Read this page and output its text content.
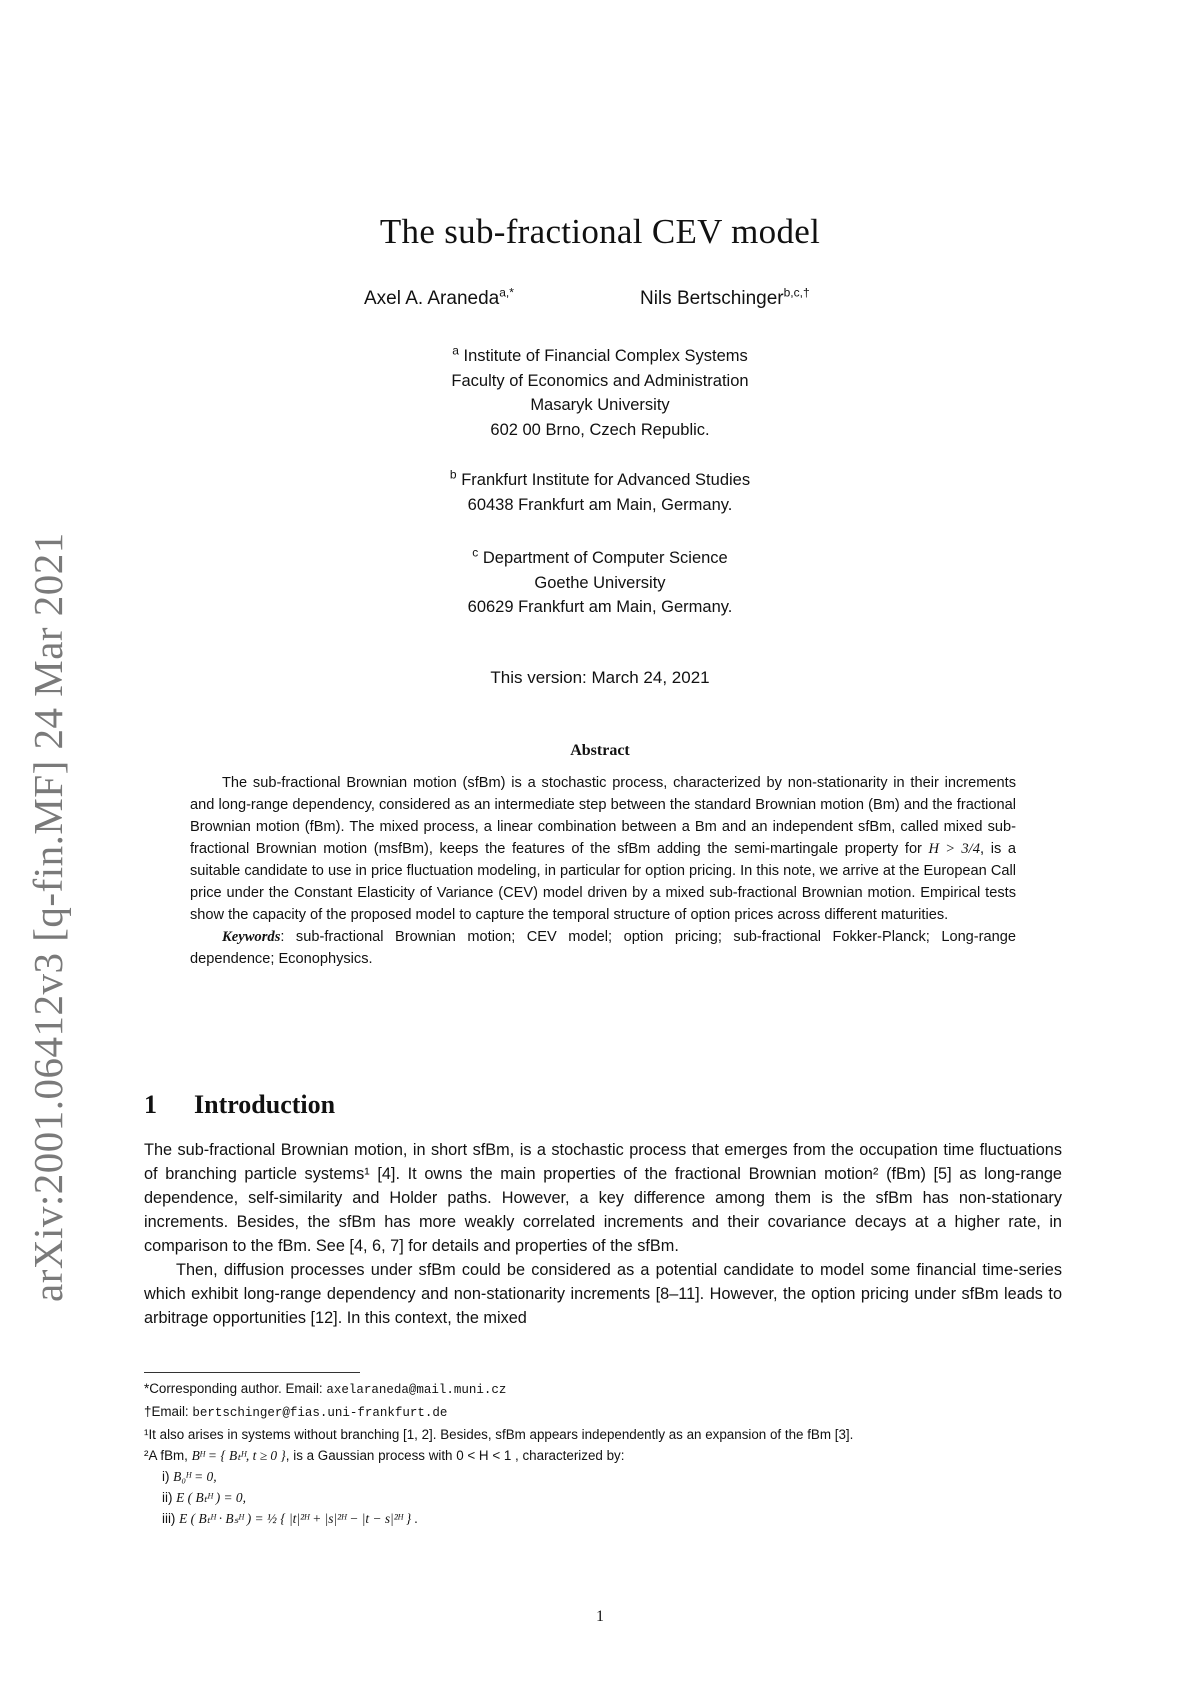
arXiv:2001.06412v3 [q-fin.MF] 24 Mar 2021
The sub-fractional CEV model
Axel A. Araneda$^{a,*}$	Nils Bertschinger$^{b,c,\dagger}$
$^a$ Institute of Financial Complex Systems
Faculty of Economics and Administration
Masaryk University
602 00 Brno, Czech Republic.
$^b$ Frankfurt Institute for Advanced Studies
60438 Frankfurt am Main, Germany.
$^c$ Department of Computer Science
Goethe University
60629 Frankfurt am Main, Germany.
This version: March 24, 2021
Abstract

The sub-fractional Brownian motion (sfBm) is a stochastic process, characterized by non-stationarity in their increments and long-range dependency, considered as an intermediate step between the standard Brownian motion (Bm) and the fractional Brownian motion (fBm). The mixed process, a linear combination between a Bm and an independent sfBm, called mixed sub-fractional Brownian motion (msfBm), keeps the features of the sfBm adding the semi-martingale property for H > 3/4, is a suitable candidate to use in price fluctuation modeling, in particular for option pricing. In this note, we arrive at the European Call price under the Constant Elasticity of Variance (CEV) model driven by a mixed sub-fractional Brownian motion. Empirical tests show the capacity of the proposed model to capture the temporal structure of option prices across different maturities.

Keywords: sub-fractional Brownian motion; CEV model; option pricing; sub-fractional Fokker-Planck; Long-range dependence; Econophysics.

1 Introduction

The sub-fractional Brownian motion, in short sfBm, is a stochastic process that emerges from the occupation time fluctuations of branching particle systems¹ [4]. It owns the main properties of the fractional Brownian motion² (fBm) [5] as long-range dependence, self-similarity and Holder paths. However, a key difference among them is the sfBm has non-stationary increments. Besides, the sfBm has more weakly correlated increments and their covariance decays at a higher rate, in comparison to the fBm. See [4, 6, 7] for details and properties of the sfBm.

Then, diffusion processes under sfBm could be considered as a potential candidate to model some financial time-series which exhibit long-range dependency and non-stationarity increments [8–11]. However, the option pricing under sfBm leads to arbitrage opportunities [12]. In this context, the mixed

*Corresponding author. Email: axelaraneda@mail.muni.cz
†Email: bertschinger@fias.uni-frankfurt.de
¹It also arises in systems without branching [1, 2]. Besides, sfBm appears independently as an expansion of the fBm [3].
²A fBm, Bᴴ = { Bₜᴴ, t ≥ 0 }, is a Gaussian process with 0 < H < 1 , characterized by:
i) B₀ᴴ = 0,
ii) E ( Bₜᴴ ) = 0,
iii) E ( Bₜᴴ · Bₛᴴ ) = ½ { |t|²ᴴ + |s|²ᴴ − |t − s|²ᴴ } .
1
